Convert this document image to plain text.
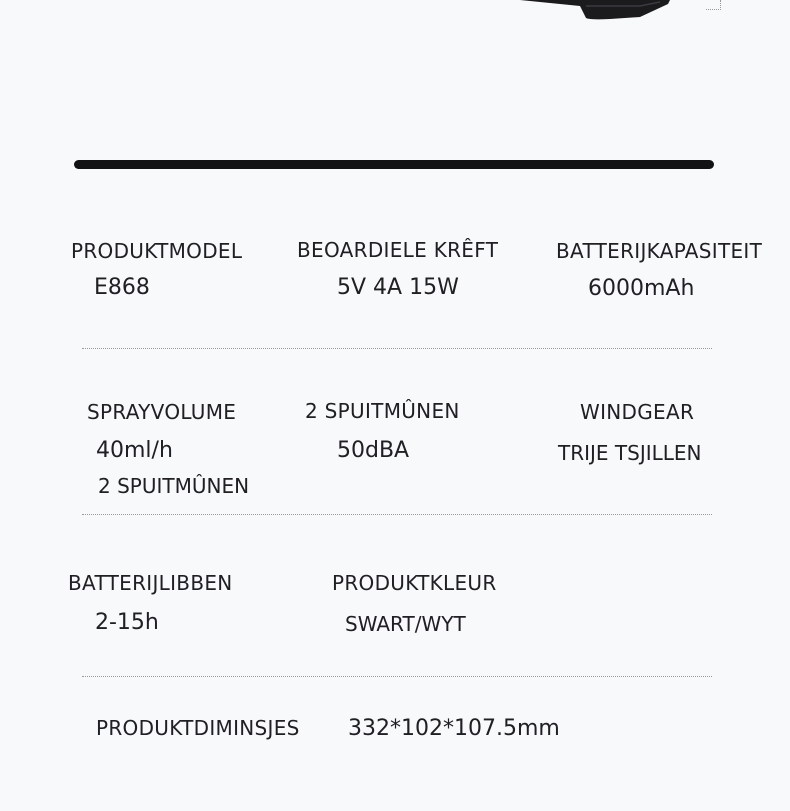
PRODUKTMODEL
E868
BEOARDIELE KRÊFT
5V 4A 15W
BATTERIJKAPASITEIT
6000mAh
SPRAYVOLUME
40ml/h
2 SPUITMÛNEN
2 SPUITMÛNEN
50dBA
WINDGEAR
TRIJE TSJILLEN
BATTERIJLIBBEN
2-15h
PRODUKTKLEUR
SWART/WYT
PRODUKTDIMINSJES 332*102*107.5mm
